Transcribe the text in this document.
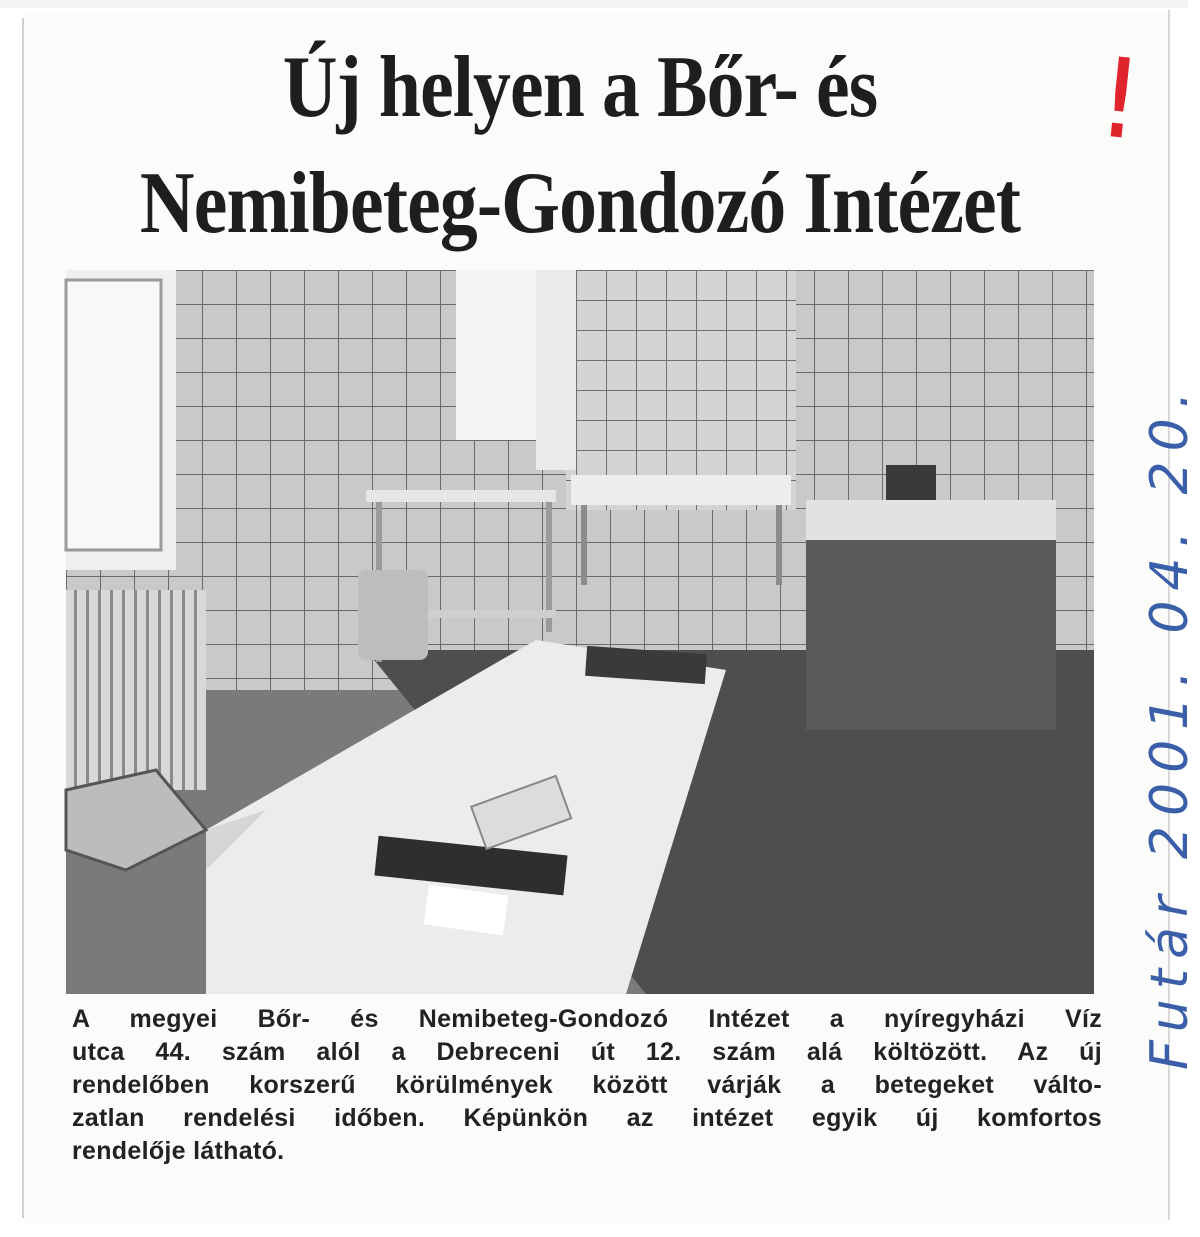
Új helyen a Bőr- és
Nemibeteg-Gondozó Intézet
A megyei Bőr- és Nemibeteg-Gondozó Intézet a nyíregyházi Víz
utca 44. szám alól a Debreceni út 12. szám alá költözött. Az új
rendelőben korszerű körülmények között várják a betegeket válto-
zatlan rendelési időben. Képünkön az intézet egyik új komfortos
rendelője látható.
Futár 2001. 04. 20.
!
